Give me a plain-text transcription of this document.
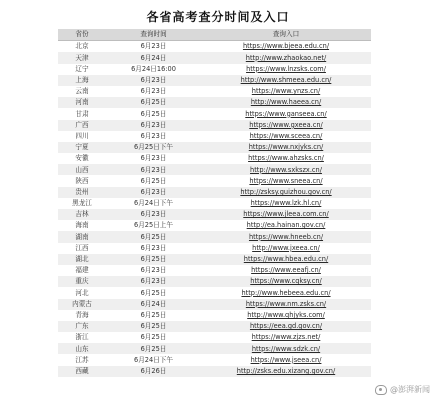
各省高考查分时间及入口
省份	查询时间	查询入口
北京	6月23日	https://www.bjeea.edu.cn/
天津	6月24日	http://www.zhaokao.net/
辽宁	6月24日16:00	https://www.lnzsks.com/
上海	6月23日	http://www.shmeea.edu.cn/
云南	6月23日	https://www.ynzs.cn/
河南	6月25日	http://www.haeea.cn/
甘肃	6月25日	https://www.ganseea.cn/
广西	6月23日	https://www.gxeea.cn/
四川	6月23日	https://www.sceea.cn/
宁夏	6月25日下午	https://www.nxjyks.cn/
安徽	6月23日	https://www.ahzsks.cn/
山西	6月23日	http://www.sxkszx.cn/
陕西	6月25日	https://www.sneea.cn/
贵州	6月23日	http://zsksy.guizhou.gov.cn/
黑龙江	6月24日下午	https://www.lzk.hl.cn/
吉林	6月23日	https://www.jleea.com.cn/
海南	6月25日上午	http://ea.hainan.gov.cn/
湖南	6月25日	https://www.hneeb.cn/
江西	6月23日	http://www.jxeea.cn/
湖北	6月25日	https://www.hbea.edu.cn/
福建	6月23日	https://www.eeafj.cn/
重庆	6月23日	https://www.cqksy.cn/
河北	6月25日	http://www.hebeea.edu.cn/
内蒙古	6月24日	https://www.nm.zsks.cn/
青海	6月25日	http://www.qhjyks.com/
广东	6月25日	https://eea.gd.gov.cn/
浙江	6月25日	https://www.zjzs.net/
山东	6月25日	https://www.sdzk.cn/
江苏	6月24日下午	https://www.jseea.cn/
西藏	6月26日	http://zsks.edu.xizang.gov.cn/
@澎湃新闻
